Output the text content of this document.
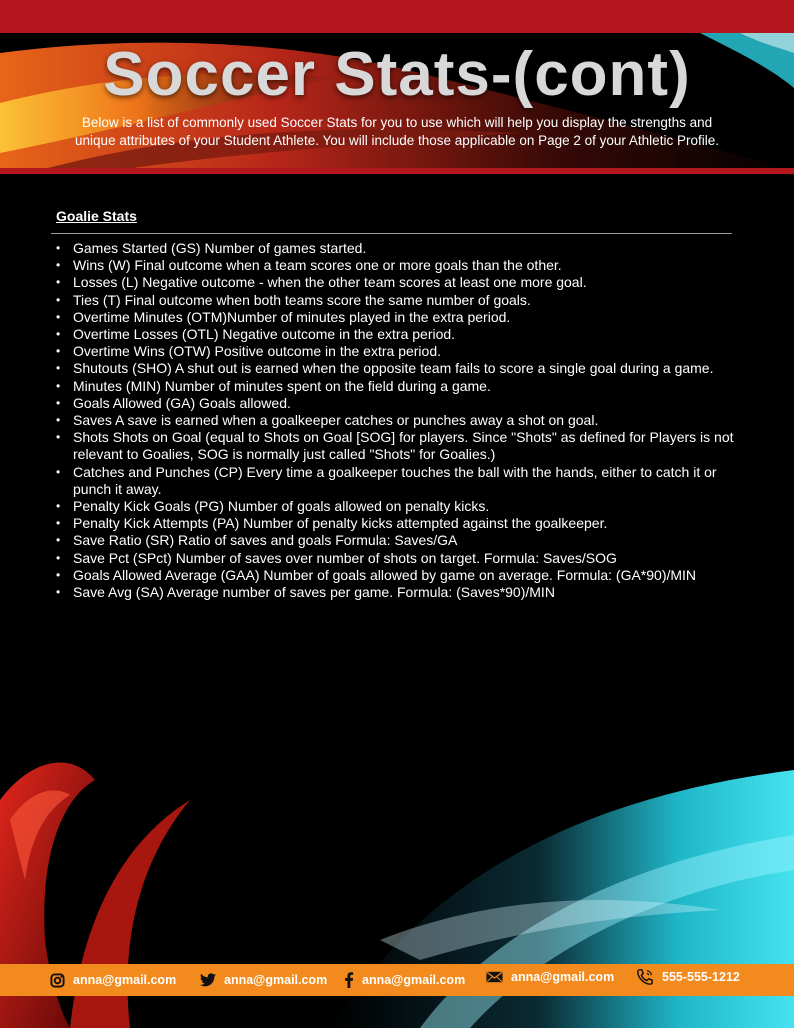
Soccer Stats-(cont)
Below is a list of commonly used Soccer Stats for you to use which will help you display the strengths and unique attributes of your Student Athlete. You will include those applicable on Page 2 of your Athletic Profile.
Goalie Stats
• Games Started (GS) Number of games started.
• Wins (W) Final outcome when a team scores one or more goals than the other.
• Losses (L) Negative outcome - when the other team scores at least one more goal.
• Ties (T) Final outcome when both teams score the same number of goals.
• Overtime Minutes (OTM)Number of minutes played in the extra period.
• Overtime Losses (OTL) Negative outcome in the extra period.
• Overtime Wins (OTW) Positive outcome in the extra period.
• Shutouts (SHO) A shut out is earned when the opposite team fails to score a single goal during a game.
• Minutes (MIN) Number of minutes spent on the field during a game.
• Goals Allowed (GA) Goals allowed.
• Saves A save is earned when a goalkeeper catches or punches away a shot on goal.
• Shots Shots on Goal (equal to Shots on Goal [SOG] for players. Since "Shots" as defined for Players is not relevant to Goalies, SOG is normally just called "Shots" for Goalies.)
• Catches and Punches (CP) Every time a goalkeeper touches the ball with the hands, either to catch it or punch it away.
• Penalty Kick Goals (PG) Number of goals allowed on penalty kicks.
• Penalty Kick Attempts (PA) Number of penalty kicks attempted against the goalkeeper.
• Save Ratio (SR) Ratio of saves and goals Formula: Saves/GA
• Save Pct (SPct) Number of saves over number of shots on target. Formula: Saves/SOG
• Goals Allowed Average (GAA) Number of goals allowed by game on average. Formula: (GA*90)/MIN
• Save Avg (SA) Average number of saves per game. Formula: (Saves*90)/MIN
anna@gmail.com	anna@gmail.com	anna@gmail.com	anna@gmail.com	555-555-1212
